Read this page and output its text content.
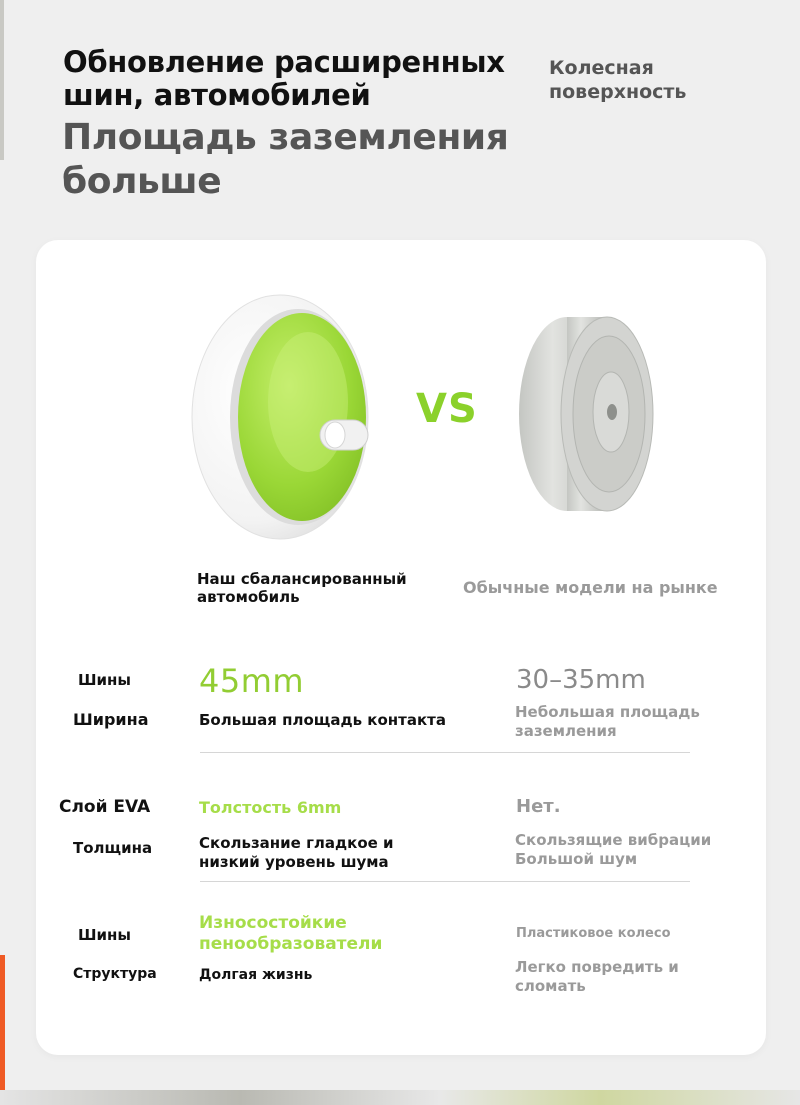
Обновление расширенных шин, автомобилей
Колесная поверхность
Площадь заземления больше
VS
Наш сбалансированный автомобиль	Обычные модели на рынке
Шины
Ширина
45mm
Большая площадь контакта
30–35mm
Небольшая площадь заземления
Слой EVA
Толщина
Толстость 6mm
Скользание гладкое и низкий уровень шума
Нет.
Скользящие вибрации Большой шум
Шины
Структура
Износостойкие пенообразователи
Долгая жизнь
Пластиковое колесо
Легко повредить и сломать
